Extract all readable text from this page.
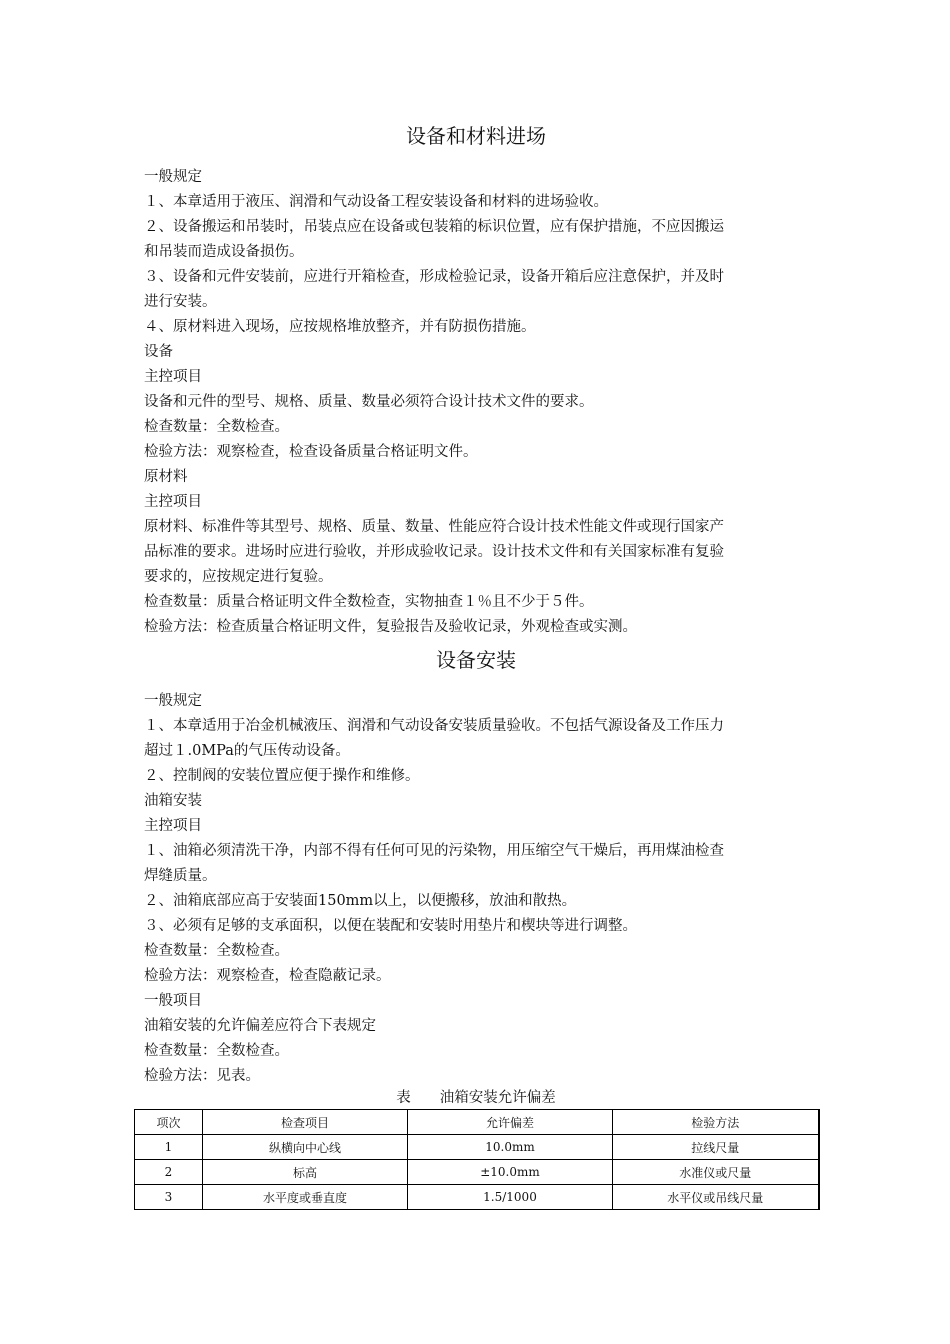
设备和材料进场
一般规定
１、本章适用于液压、润滑和气动设备工程安装设备和材料的进场验收。
２、设备搬运和吊装时，吊装点应在设备或包装箱的标识位置，应有保护措施，不应因搬运
和吊装而造成设备损伤。
３、设备和元件安装前，应进行开箱检查，形成检验记录，设备开箱后应注意保护，并及时
进行安装。
４、原材料进入现场，应按规格堆放整齐，并有防损伤措施。
设备
主控项目
设备和元件的型号、规格、质量、数量必须符合设计技术文件的要求。
检查数量：全数检查。
检验方法：观察检查，检查设备质量合格证明文件。
原材料
主控项目
原材料、标准件等其型号、规格、质量、数量、性能应符合设计技术性能文件或现行国家产
品标准的要求。进场时应进行验收，并形成验收记录。设计技术文件和有关国家标准有复验
要求的，应按规定进行复验。
检查数量：质量合格证明文件全数检查，实物抽查１％且不少于５件。
检验方法：检查质量合格证明文件，复验报告及验收记录，外观检查或实测。
设备安装
一般规定
１、本章适用于冶金机械液压、润滑和气动设备安装质量验收。不包括气源设备及工作压力
超过１.0MPa的气压传动设备。
２、控制阀的安装位置应便于操作和维修。
油箱安装
主控项目
１、油箱必须清洗干净，内部不得有任何可见的污染物，用压缩空气干燥后，再用煤油检查
焊缝质量。
２、油箱底部应高于安装面150mm以上，以便搬移，放油和散热。
３、必须有足够的支承面积，以便在装配和安装时用垫片和楔块等进行调整。
检查数量：全数检查。
检验方法：观察检查，检查隐蔽记录。
一般项目
油箱安装的允许偏差应符合下表规定
检查数量：全数检查。
检验方法：见表。
表　　油箱安装允许偏差
项次	检查项目	允许偏差	检验方法
1	纵横向中心线	10.0mm	拉线尺量
2	标高	±10.0mm	水准仪或尺量
3	水平度或垂直度	1.5/1000	水平仪或吊线尺量
